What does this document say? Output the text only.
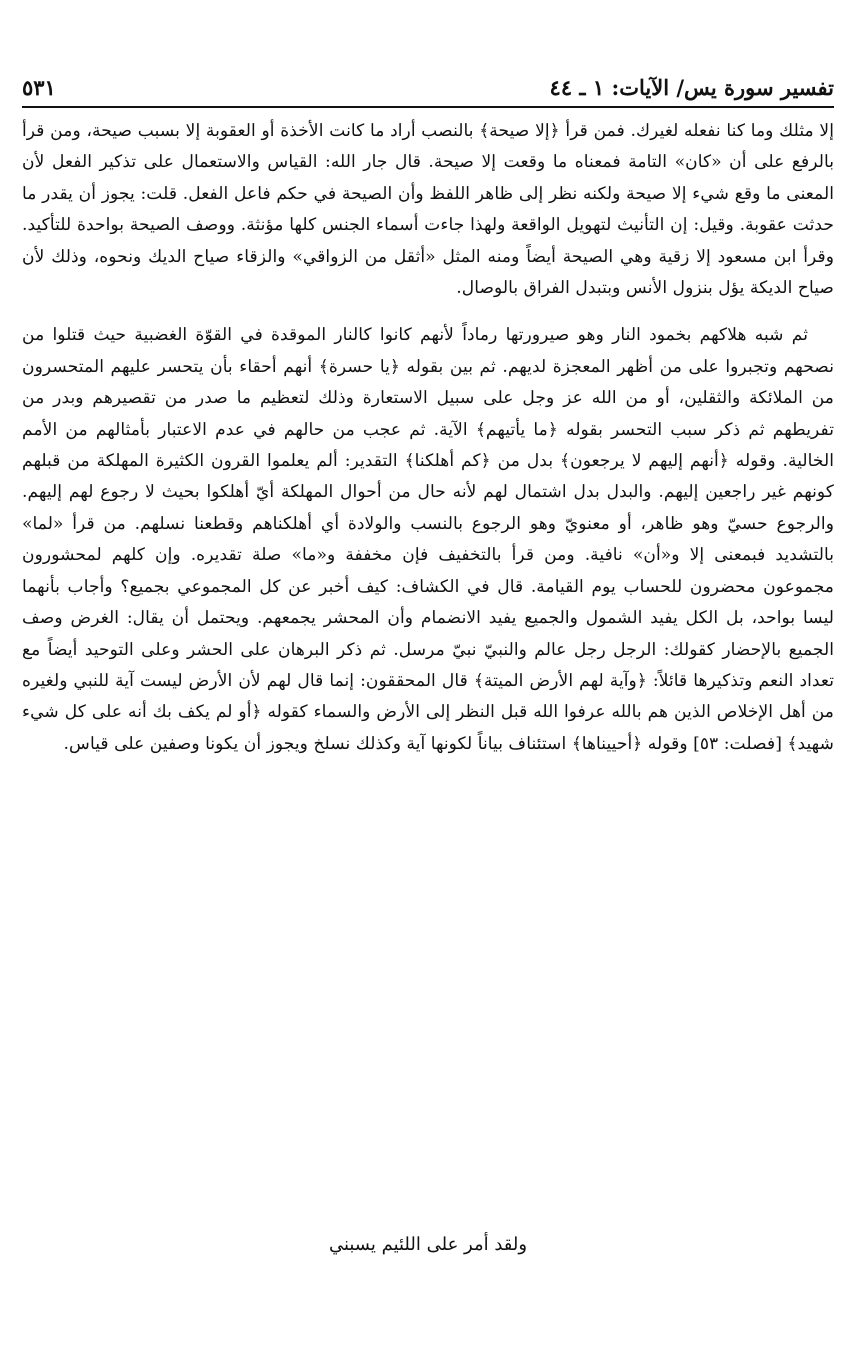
تفسير سورة يس/ الآيات: ١ ـ ٤٤
٥٣١

إلا مثلك وما كنا نفعله لغيرك. فمن قرأ ﴿إلا صيحة﴾ بالنصب أراد ما كانت الأخذة أو العقوبة إلا بسبب صيحة، ومن قرأ بالرفع على أن «كان» التامة فمعناه ما وقعت إلا صيحة. قال جار الله: القياس والاستعمال على تذكير الفعل لأن المعنى ما وقع شيء إلا صيحة ولكنه نظر إلى ظاهر اللفظ وأن الصيحة في حكم فاعل الفعل. قلت: يجوز أن يقدر ما حدثت عقوبة. وقيل: إن التأنيث لتهويل الواقعة ولهذا جاءت أسماء الجنس كلها مؤنثة. ووصف الصيحة بواحدة للتأكيد. وقرأ ابن مسعود إلا زقية وهي الصيحة أيضاً ومنه المثل «أثقل من الزواقي» والزقاء صياح الديك ونحوه، وذلك لأن صياح الديكة يؤل بنزول الأنس وبتبدل الفراق بالوصال.

ثم شبه هلاكهم بخمود النار وهو صيرورتها رماداً لأنهم كانوا كالنار الموقدة في القوّة الغضبية حيث قتلوا من نصحهم وتجبروا على من أظهر المعجزة لديهم. ثم بين بقوله ﴿يا حسرة﴾ أنهم أحقاء بأن يتحسر عليهم المتحسرون من الملائكة والثقلين، أو من الله عز وجل على سبيل الاستعارة وذلك لتعظيم ما صدر من تقصيرهم وبدر من تفريطهم ثم ذكر سبب التحسر بقوله ﴿ما يأتيهم﴾ الآية. ثم عجب من حالهم في عدم الاعتبار بأمثالهم من الأمم الخالية. وقوله ﴿أنهم إليهم لا يرجعون﴾ بدل من ﴿كم أهلكنا﴾ التقدير: ألم يعلموا القرون الكثيرة المهلكة من قبلهم كونهم غير راجعين إليهم. والبدل بدل اشتمال لهم لأنه حال من أحوال المهلكة أيّ أهلكوا بحيث لا رجوع لهم إليهم. والرجوع حسيّ وهو ظاهر، أو معنويّ وهو الرجوع بالنسب والولادة أي أهلكناهم وقطعنا نسلهم. من قرأ «لما» بالتشديد فبمعنى إلا و«أن» نافية. ومن قرأ بالتخفيف فإن مخففة و«ما» صلة تقديره. وإن كلهم لمحشورون مجموعون محضرون للحساب يوم القيامة. قال في الكشاف: كيف أخبر عن كل المجموعي بجميع؟ وأجاب بأنهما ليسا بواحد، بل الكل يفيد الشمول والجميع يفيد الانضمام وأن المحشر يجمعهم. ويحتمل أن يقال: الغرض وصف الجميع بالإحضار كقولك: الرجل رجل عالم والنبيّ نبيّ مرسل. ثم ذكر البرهان على الحشر وعلى التوحيد أيضاً مع تعداد النعم وتذكيرها قائلاً: ﴿وآية لهم الأرض الميتة﴾ قال المحققون: إنما قال لهم لأن الأرض ليست آية للنبي ولغيره من أهل الإخلاص الذين هم بالله عرفوا الله قبل النظر إلى الأرض والسماء كقوله ﴿أو لم يكف بك أنه على كل شيء شهيد﴾ [فصلت: ٥٣] وقوله ﴿أحييناها﴾ استئناف بياناً لكونها آية وكذلك نسلخ ويجوز أن يكونا وصفين على قياس.

ولقد أمر على اللئيم يسبني
